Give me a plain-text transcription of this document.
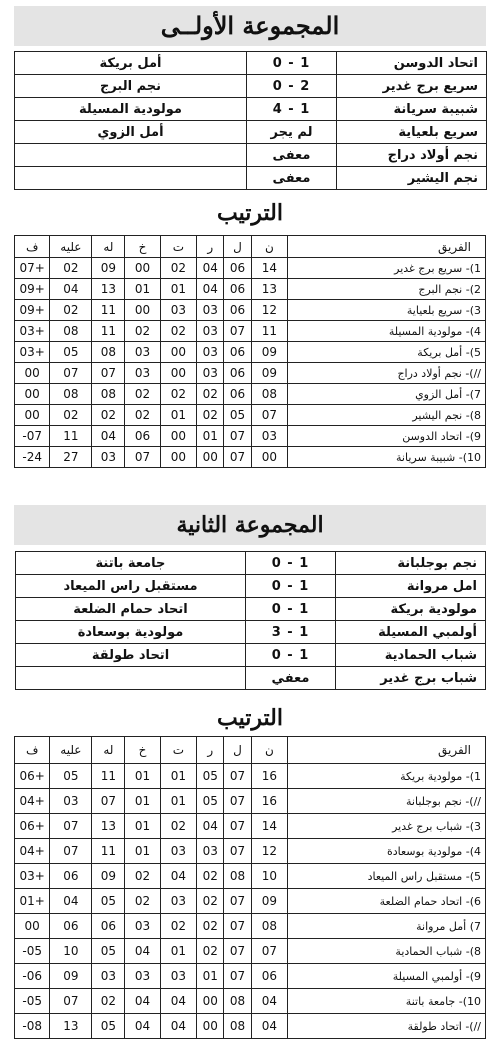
المجموعة الأولــى
اتحاد الدوسن	1 - 0	أمل بريكة
سريع برج غدير	2 - 0	نجم البرج
شبيبة سريانة	1 - 4	مولودية المسيلة
سريع بلعياية	لم يجر	أمل الزوي
نجم أولاد دراج	معفى	
نجم اليشير	معفى	
الترتيب
الفريق	ن	ل	ر	ت	خ	له	عليه	ف
1)- سريع برج غدير	14	06	04	02	00	09	02	+07
2)- نجم البرج	13	06	04	01	01	13	04	+09
3)- سريع بلعياية	12	06	03	03	00	11	02	+09
4)- مولودية المسيلة	11	07	03	02	02	11	08	+03
5)- أمل بريكة	09	06	03	00	03	08	05	+03
//)- نجم أولاد دراج	09	06	03	00	03	07	07	00
7)- أمل الزوي	08	06	02	02	02	08	08	00
8)- نجم اليشير	07	05	02	01	02	02	02	00
9)- اتحاد الدوسن	03	07	01	00	06	04	11	07-
10)- شبيبة سريانة	00	07	00	00	07	03	27	24-
المجموعة الثانية
نجم بوجلبانة	1 - 0	جامعة باتنة
امل مروانة	1 - 0	مستقبل راس الميعاد
مولودية بريكة	1 - 0	اتحاد حمام الضلعة
أولمبي المسيلة	1 - 3	مولودية بوسعادة
شباب الحمادية	1 - 0	اتحاد طولقة
شباب برج غدير	معفي	
الترتيب
الفريق	ن	ل	ر	ت	خ	له	عليه	ف
1)- مولودية بريكة	16	07	05	01	01	11	05	+06
//)- نجم بوجلبانة	16	07	05	01	01	07	03	+04
3)- شباب برج غدير	14	07	04	02	01	13	07	+06
4)- مولودية بوسعادة	12	07	03	03	01	11	07	+04
5)- مستقبل راس الميعاد	10	08	02	04	02	09	06	+03
6)- اتحاد حمام الضلعة	09	07	02	03	02	05	04	+01
7) أمل مروانة	08	07	02	02	03	06	06	00
8)- شباب الحمادية	07	07	02	01	04	05	10	05-
9)- أولمبي المسيلة	06	07	01	03	03	03	09	06-
10)- جامعة باتنة	04	08	00	04	04	02	07	05-
//)- اتحاد طولقة	04	08	00	04	04	05	13	08-
